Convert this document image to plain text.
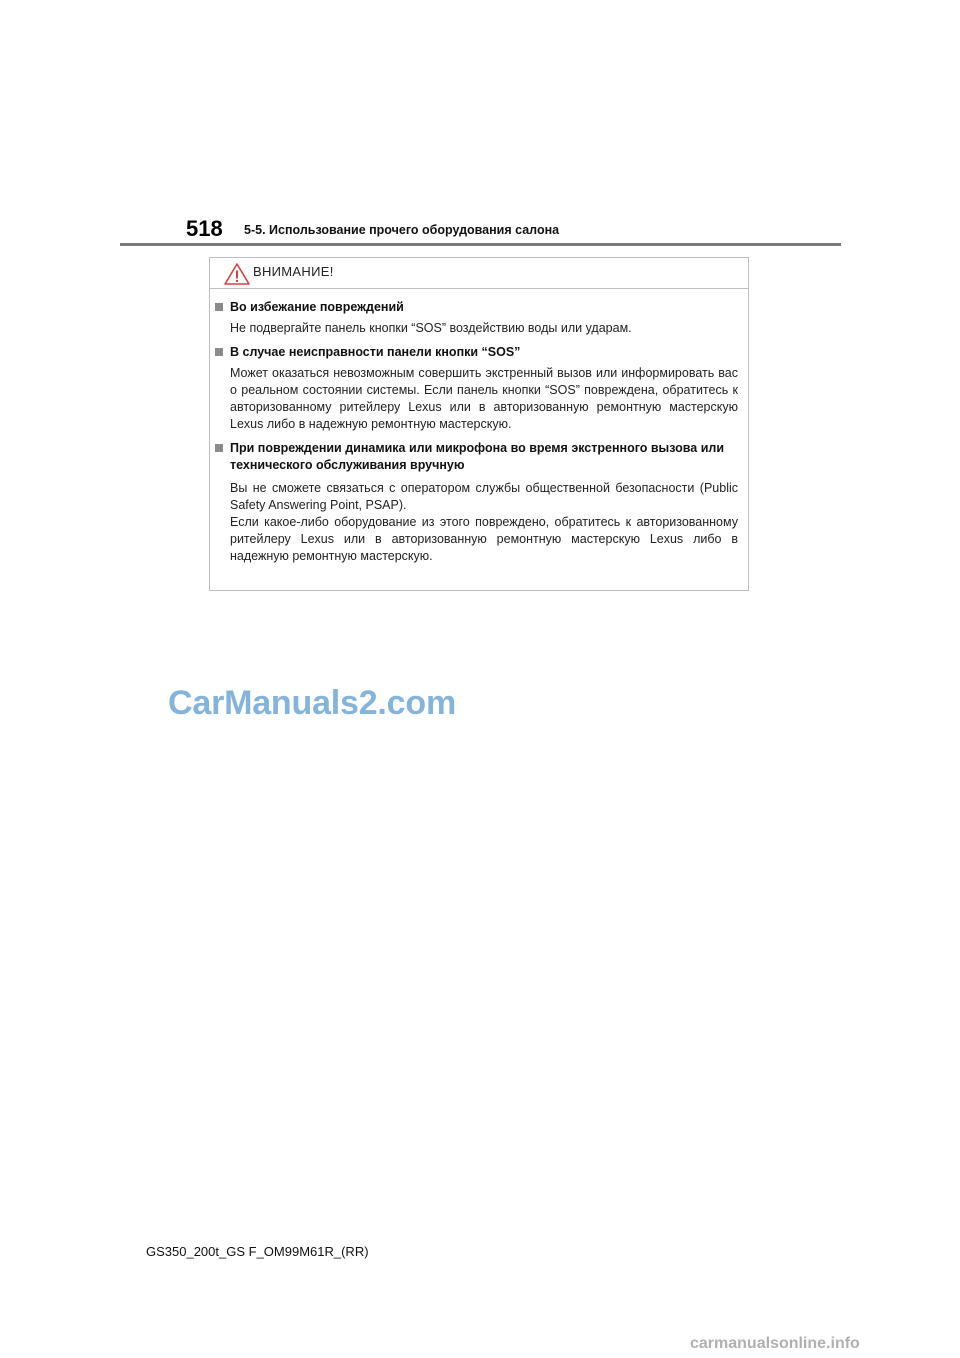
518 5-5. Использование прочего оборудования салона
ВНИМАНИЕ!
Во избежание повреждений

Не подвергайте панель кнопки “SOS” воздействию воды или ударам.

В случае неисправности панели кнопки “SOS”

Может оказаться невозможным совершить экстренный вызов или информировать вас о реальном состоянии системы. Если панель кнопки “SOS” повреждена, обратитесь к авторизованному ритейлеру Lexus или в авторизованную ремонтную мастерскую Lexus либо в надежную ремонтную мастерскую.

При повреждении динамика или микрофона во время экстренного вызова или технического обслуживания вручную

Вы не сможете связаться с оператором службы общественной безопасности (Public Safety Answering Point, PSAP).

Если какое-либо оборудование из этого повреждено, обратитесь к авторизованному ритейлеру Lexus или в авторизованную ремонтную мастерскую Lexus либо в надежную ремонтную мастерскую.

CarManuals2.com
GS350_200t_GS F_OM99M61R_(RR)
carmanualsonline.info
